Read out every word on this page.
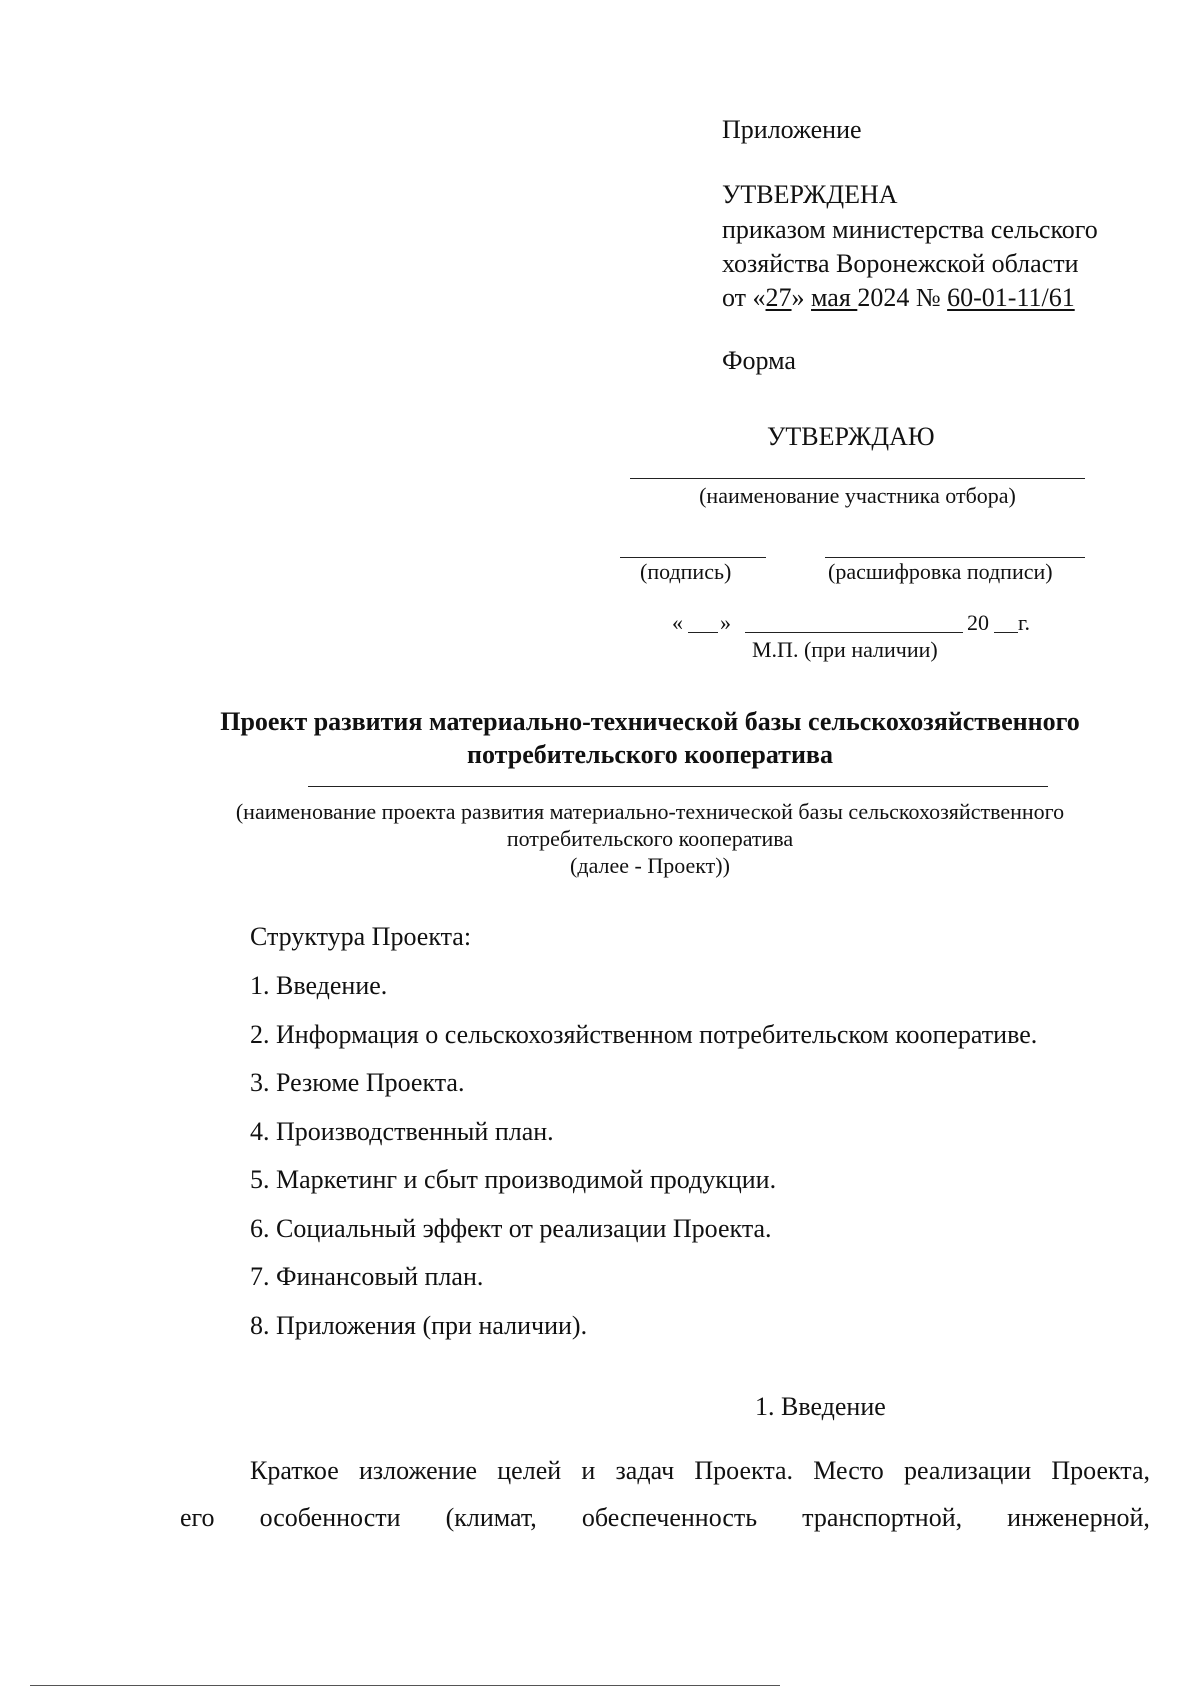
Приложение
УТВЕРЖДЕНА
приказом министерства сельского
хозяйства Воронежской области
от «27» мая 2024 № 60-01-11/61
Форма
УТВЕРЖДАЮ
(наименование участника отбора)
(подпись)	(расшифровка подписи)
« »	20 г.
М.П. (при наличии)
Проект развития материально-технической базы сельскохозяйственного
потребительского кооператива
(наименование проекта развития материально-технической базы сельскохозяйственного
потребительского кооператива
(далее - Проект))
Структура Проекта:
1. Введение.
2. Информация о сельскохозяйственном потребительском кооперативе.
3. Резюме Проекта.
4. Производственный план.
5. Маркетинг и сбыт производимой продукции.
6. Социальный эффект от реализации Проекта.
7. Финансовый план.
8. Приложения (при наличии).
1. Введение
Краткое изложение целей и задач Проекта. Место реализации Проекта,
его особенности (климат, обеспеченность транспортной, инженерной,
